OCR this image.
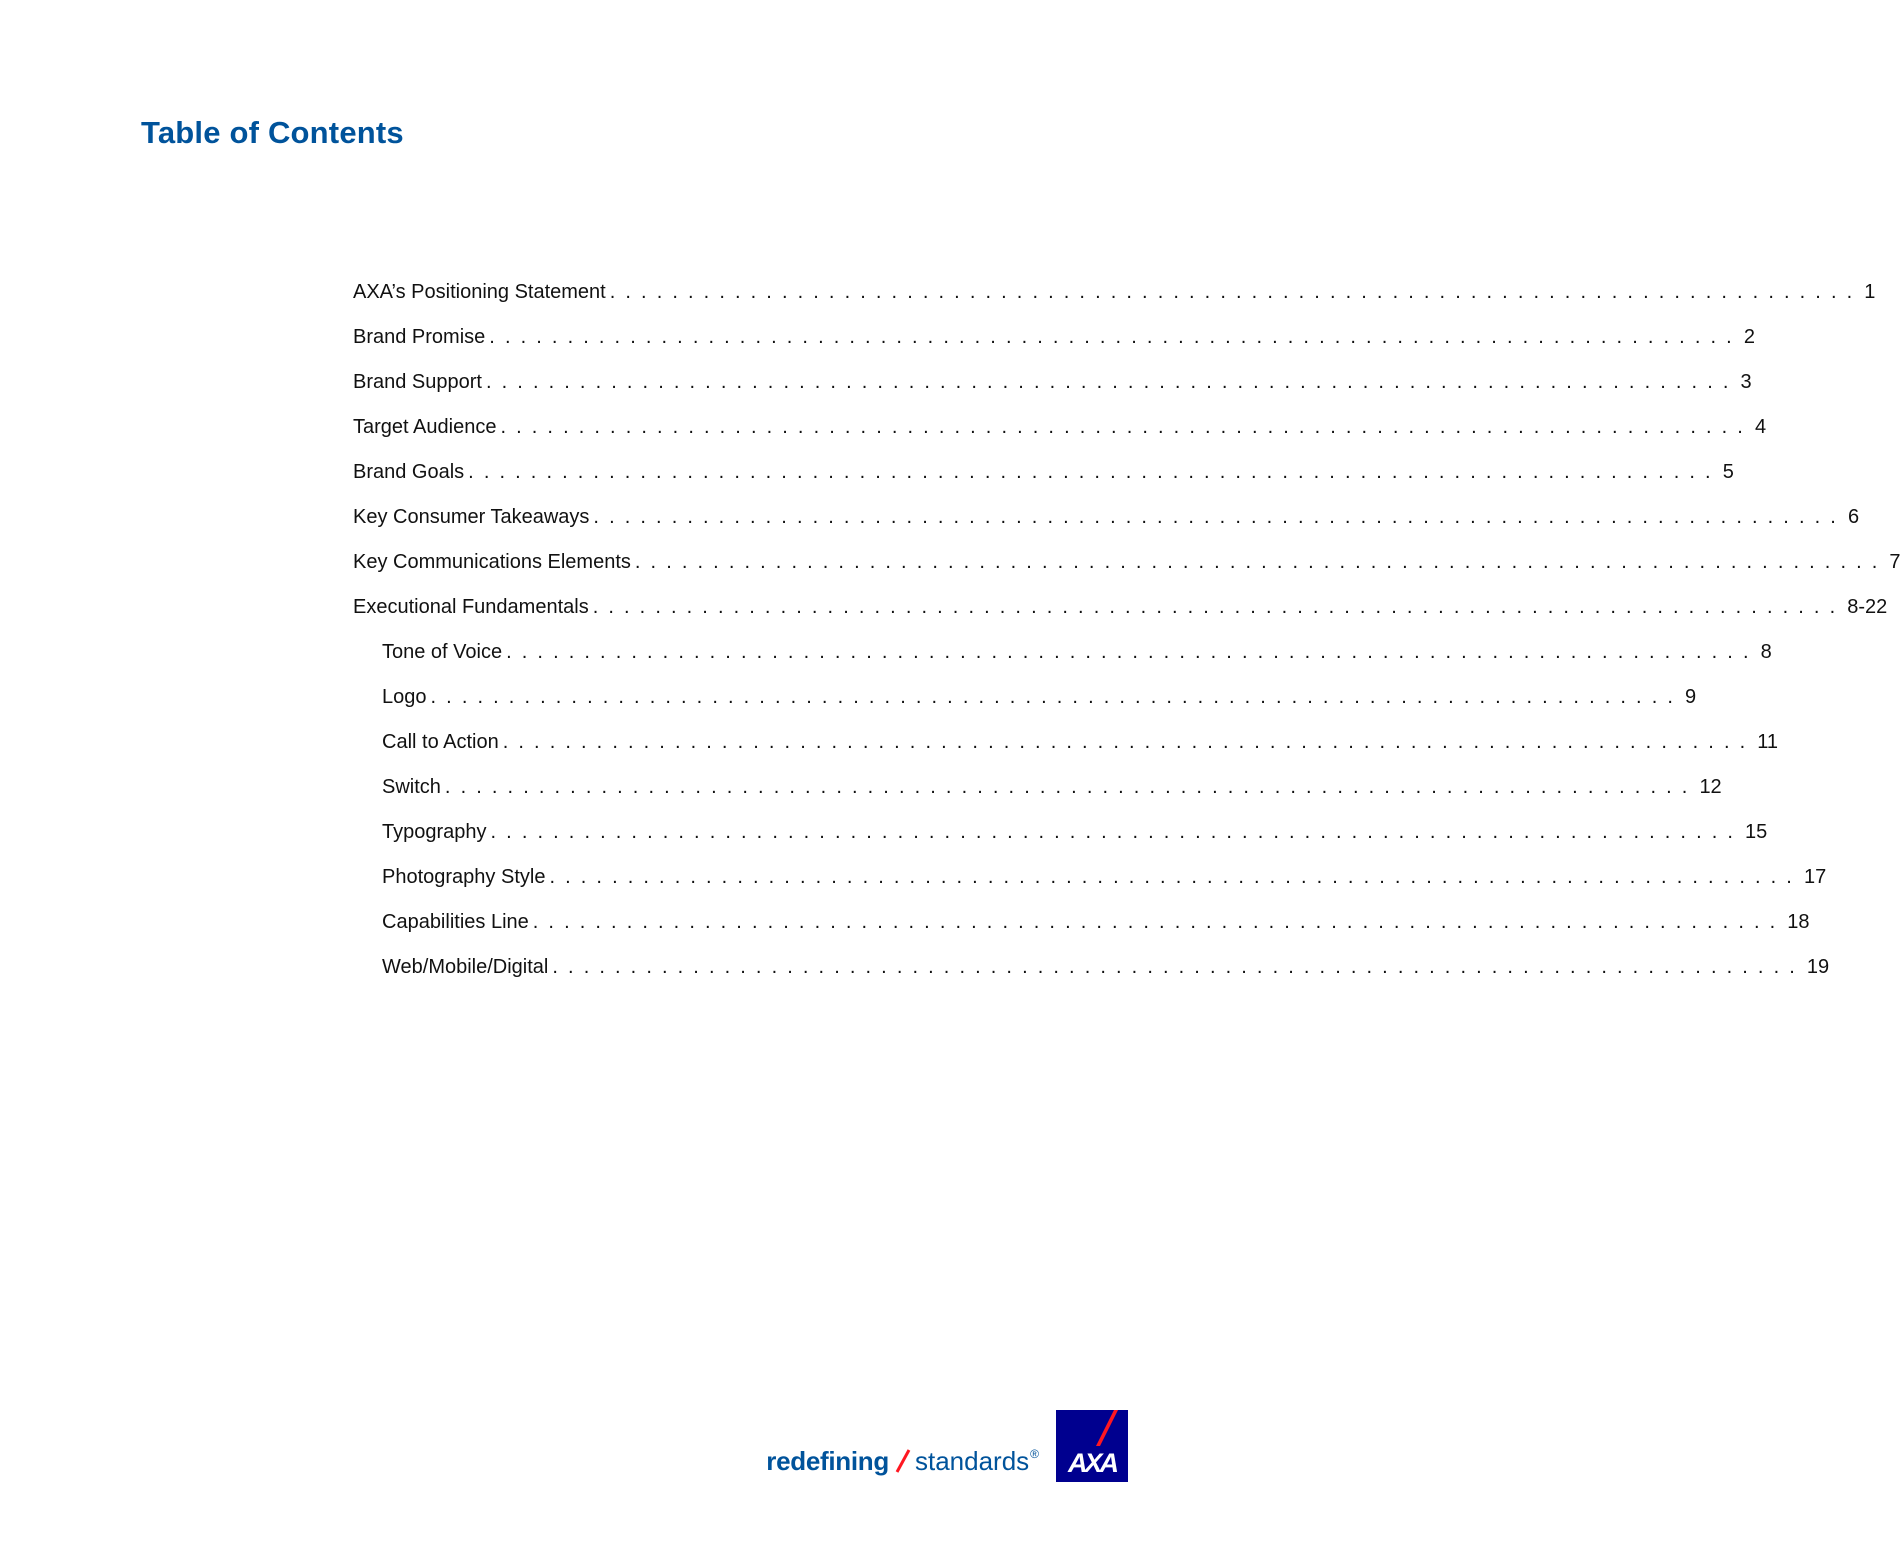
Table of Contents
AXA’s Positioning Statement ................................................................................ 1
Brand Promise ................................................................................ 2
Brand Support ................................................................................ 3
Target Audience ................................................................................ 4
Brand Goals ................................................................................ 5
Key Consumer Takeaways ................................................................................ 6
Key Communications Elements ................................................................................ 7
Executional Fundamentals ................................................................................ 8-22
Tone of Voice ................................................................................ 8
Logo ................................................................................ 9
Call to Action ................................................................................ 11
Switch ................................................................................ 12
Typography ................................................................................ 15
Photography Style ................................................................................ 17
Capabilities Line ................................................................................ 18
Web/Mobile/Digital ................................................................................ 19
redefining standards ® AXA
